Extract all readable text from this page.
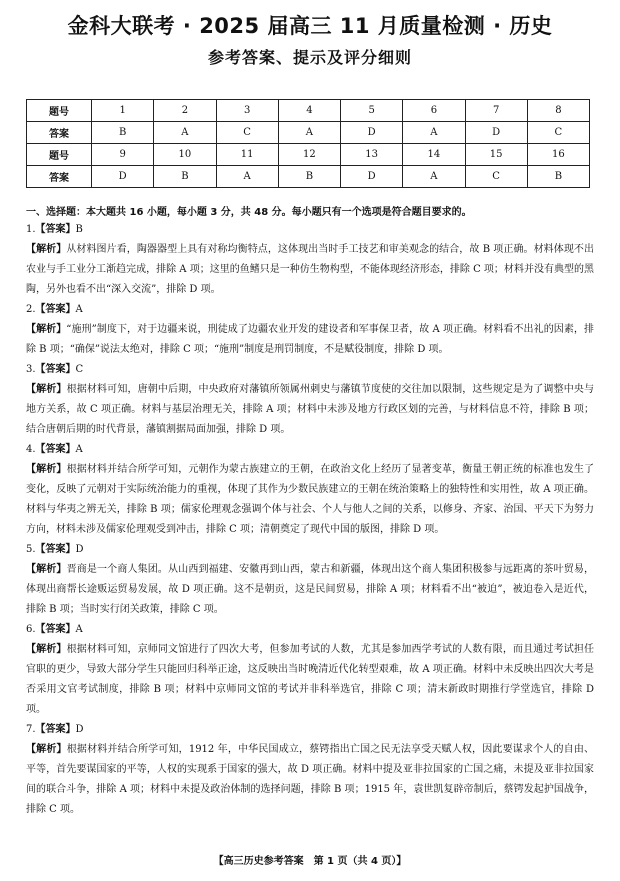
金科大联考 · 2025 届高三 11 月质量检测 · 历史
参考答案、提示及评分细则
题号	1	2	3	4	5	6	7	8
答案	B	A	C	A	D	A	D	C
题号	9	10	11	12	13	14	15	16
答案	D	B	A	B	D	A	C	B
一、选择题：本大题共 16 小题，每小题 3 分，共 48 分。每小题只有一个选项是符合题目要求的。
1.【答案】B

【解析】从材料图片看，陶器器型上具有对称均衡特点，这体现出当时手工技艺和审美观念的结合，故 B 项正确。材料体现不出农业与手工业分工渐趋完成，排除 A 项；这里的鱼鳍只是一种仿生物构型，不能体现经济形态，排除 C 项；材料并没有典型的黑陶，另外也看不出“深入交流”，排除 D 项。

2.【答案】A

【解析】“施刑”制度下，对于边疆来说，刑徒成了边疆农业开发的建设者和军事保卫者，故 A 项正确。材料看不出礼的因素，排除 B 项；“确保”说法太绝对，排除 C 项；“施刑”制度是刑罚制度，不是赋役制度，排除 D 项。

3.【答案】C

【解析】根据材料可知，唐朝中后期，中央政府对藩镇所领属州刺史与藩镇节度使的交往加以限制，这些规定是为了调整中央与地方关系，故 C 项正确。材料与基层治理无关，排除 A 项；材料中未涉及地方行政区划的完善，与材料信息不符，排除 B 项；结合唐朝后期的时代背景，藩镇割据局面加强，排除 D 项。

4.【答案】A

【解析】根据材料并结合所学可知，元朝作为蒙古族建立的王朝，在政治文化上经历了显著变革，衡量王朝正统的标准也发生了变化，反映了元朝对于实际统治能力的重视，体现了其作为少数民族建立的王朝在统治策略上的独特性和实用性，故 A 项正确。材料与华夷之辨无关，排除 B 项；儒家伦理观念强调个体与社会、个人与他人之间的关系，以修身、齐家、治国、平天下为努力方向，材料未涉及儒家伦理观受到冲击，排除 C 项；清朝奠定了现代中国的版图，排除 D 项。

5.【答案】D

【解析】晋商是一个商人集团。从山西到福建、安徽再到山西，蒙古和新疆，体现出这个商人集团积极参与远距离的茶叶贸易，体现出商帮长途贩运贸易发展，故 D 项正确。这不是朝贡，这是民间贸易，排除 A 项；材料看不出“被迫”，被迫卷入是近代，排除 B 项；当时实行闭关政策，排除 C 项。

6.【答案】A

【解析】根据材料可知，京师同文馆进行了四次大考，但参加考试的人数，尤其是参加西学考试的人数有限，而且通过考试担任官职的更少，导致大部分学生只能回归科举正途，这反映出当时晚清近代化转型艰难，故 A 项正确。材料中未反映出四次大考是否采用文官考试制度，排除 B 项；材料中京师同文馆的考试并非科举选官，排除 C 项；清末新政时期推行学堂选官，排除 D 项。

7.【答案】D

【解析】根据材料并结合所学可知，1912 年，中华民国成立，蔡锷指出亡国之民无法享受天赋人权，因此要谋求个人的自由、平等，首先要谋国家的平等，人权的实现系于国家的强大，故 D 项正确。材料中提及亚非拉国家的亡国之痛，未提及亚非拉国家间的联合斗争，排除 A 项；材料中未提及政治体制的选择问题，排除 B 项；1915 年，袁世凯复辟帝制后，蔡锷发起护国战争，排除 C 项。

【高三历史参考答案　第 1 页（共 4 页）】
